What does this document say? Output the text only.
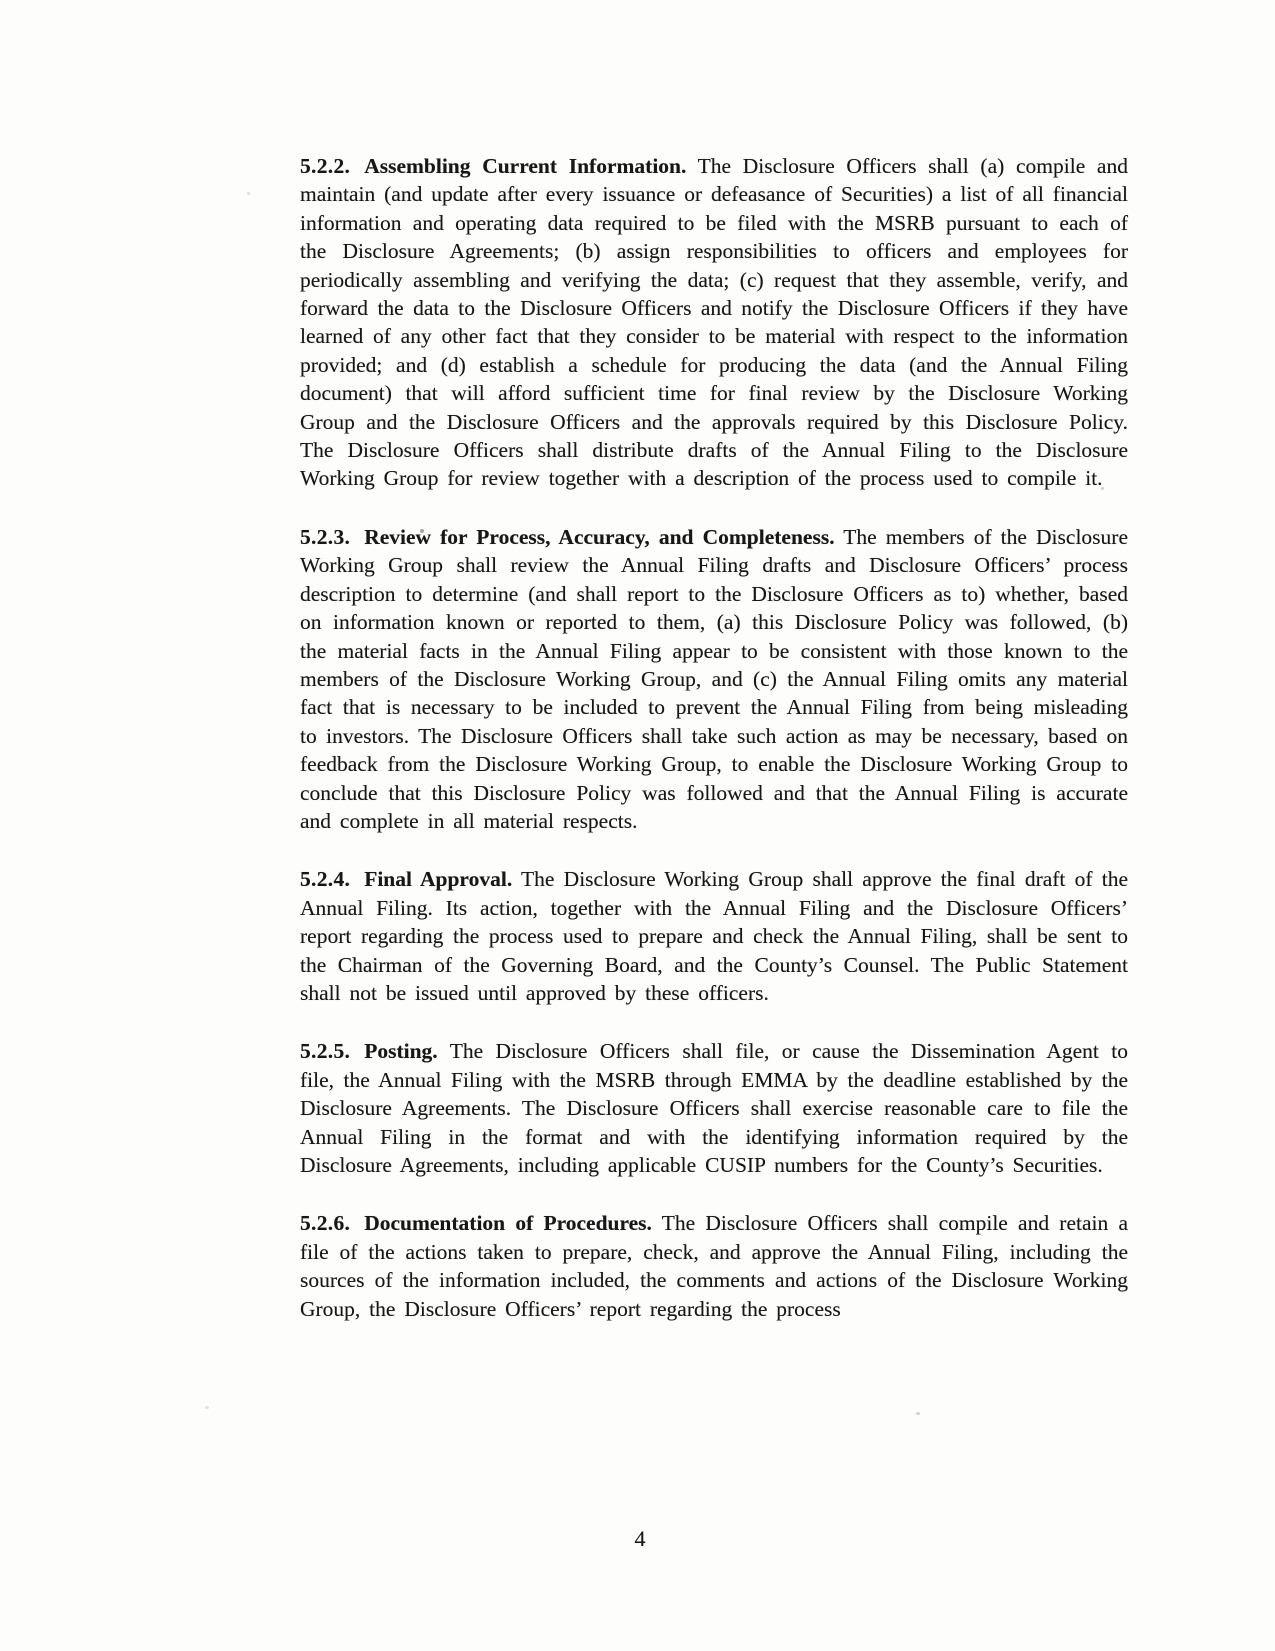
5.2.2. Assembling Current Information. The Disclosure Officers shall (a) compile and maintain (and update after every issuance or defeasance of Securities) a list of all financial information and operating data required to be filed with the MSRB pursuant to each of the Disclosure Agreements; (b) assign responsibilities to officers and employees for periodically assembling and verifying the data; (c) request that they assemble, verify, and forward the data to the Disclosure Officers and notify the Disclosure Officers if they have learned of any other fact that they consider to be material with respect to the information provided; and (d) establish a schedule for producing the data (and the Annual Filing document) that will afford sufficient time for final review by the Disclosure Working Group and the Disclosure Officers and the approvals required by this Disclosure Policy. The Disclosure Officers shall distribute drafts of the Annual Filing to the Disclosure Working Group for review together with a description of the process used to compile it.

5.2.3. Review for Process, Accuracy, and Completeness. The members of the Disclosure Working Group shall review the Annual Filing drafts and Disclosure Officers’ process description to determine (and shall report to the Disclosure Officers as to) whether, based on information known or reported to them, (a) this Disclosure Policy was followed, (b) the material facts in the Annual Filing appear to be consistent with those known to the members of the Disclosure Working Group, and (c) the Annual Filing omits any material fact that is necessary to be included to prevent the Annual Filing from being misleading to investors. The Disclosure Officers shall take such action as may be necessary, based on feedback from the Disclosure Working Group, to enable the Disclosure Working Group to conclude that this Disclosure Policy was followed and that the Annual Filing is accurate and complete in all material respects.

5.2.4. Final Approval. The Disclosure Working Group shall approve the final draft of the Annual Filing. Its action, together with the Annual Filing and the Disclosure Officers’ report regarding the process used to prepare and check the Annual Filing, shall be sent to the Chairman of the Governing Board, and the County’s Counsel. The Public Statement shall not be issued until approved by these officers.

5.2.5. Posting. The Disclosure Officers shall file, or cause the Dissemination Agent to file, the Annual Filing with the MSRB through EMMA by the deadline established by the Disclosure Agreements. The Disclosure Officers shall exercise reasonable care to file the Annual Filing in the format and with the identifying information required by the Disclosure Agreements, including applicable CUSIP numbers for the County’s Securities.

5.2.6. Documentation of Procedures. The Disclosure Officers shall compile and retain a file of the actions taken to prepare, check, and approve the Annual Filing, including the sources of the information included, the comments and actions of the Disclosure Working Group, the Disclosure Officers’ report regarding the process

4
